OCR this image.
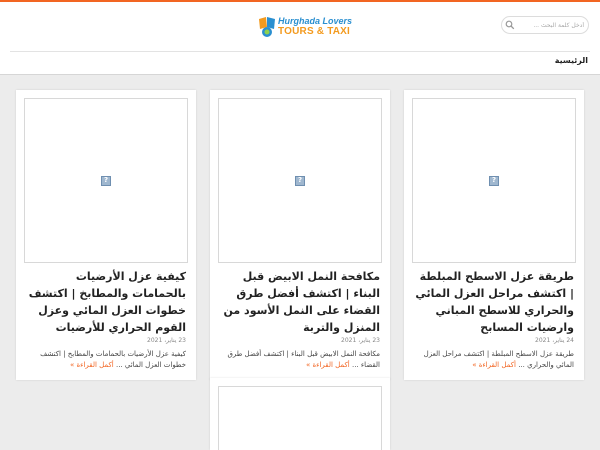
Hurghada Lovers
TOURS & TAXI
أدخل كلمة البحث ...
الرئيسية
?
طريقة عزل الاسطح المبلطة | اكتشف مراحل العزل المائي والحراري للاسطح المباني وارضيات المسابح
24 يناير، 2021
طريقة عزل الاسطح المبلطة | اكتشف مراحل العزل المائي والحراري ... أكمل القراءة »
?
مكافحة النمل الابيض قبل البناء | اكتشف أفضل طرق القضاء على النمل الأسود من المنزل والتربة
23 يناير، 2021
مكافحة النمل الابيض قبل البناء | اكتشف أفضل طرق القضاء ... أكمل القراءة »
?
كيفية عزل الأرضيات بالحمامات والمطابخ | اكتشف خطوات العزل المائي وعزل القوم الحراري للأرضيات
23 يناير، 2021
كيفية عزل الأرضيات بالحمامات والمطابخ | اكتشف خطوات العزل المائي ... أكمل القراءة »
